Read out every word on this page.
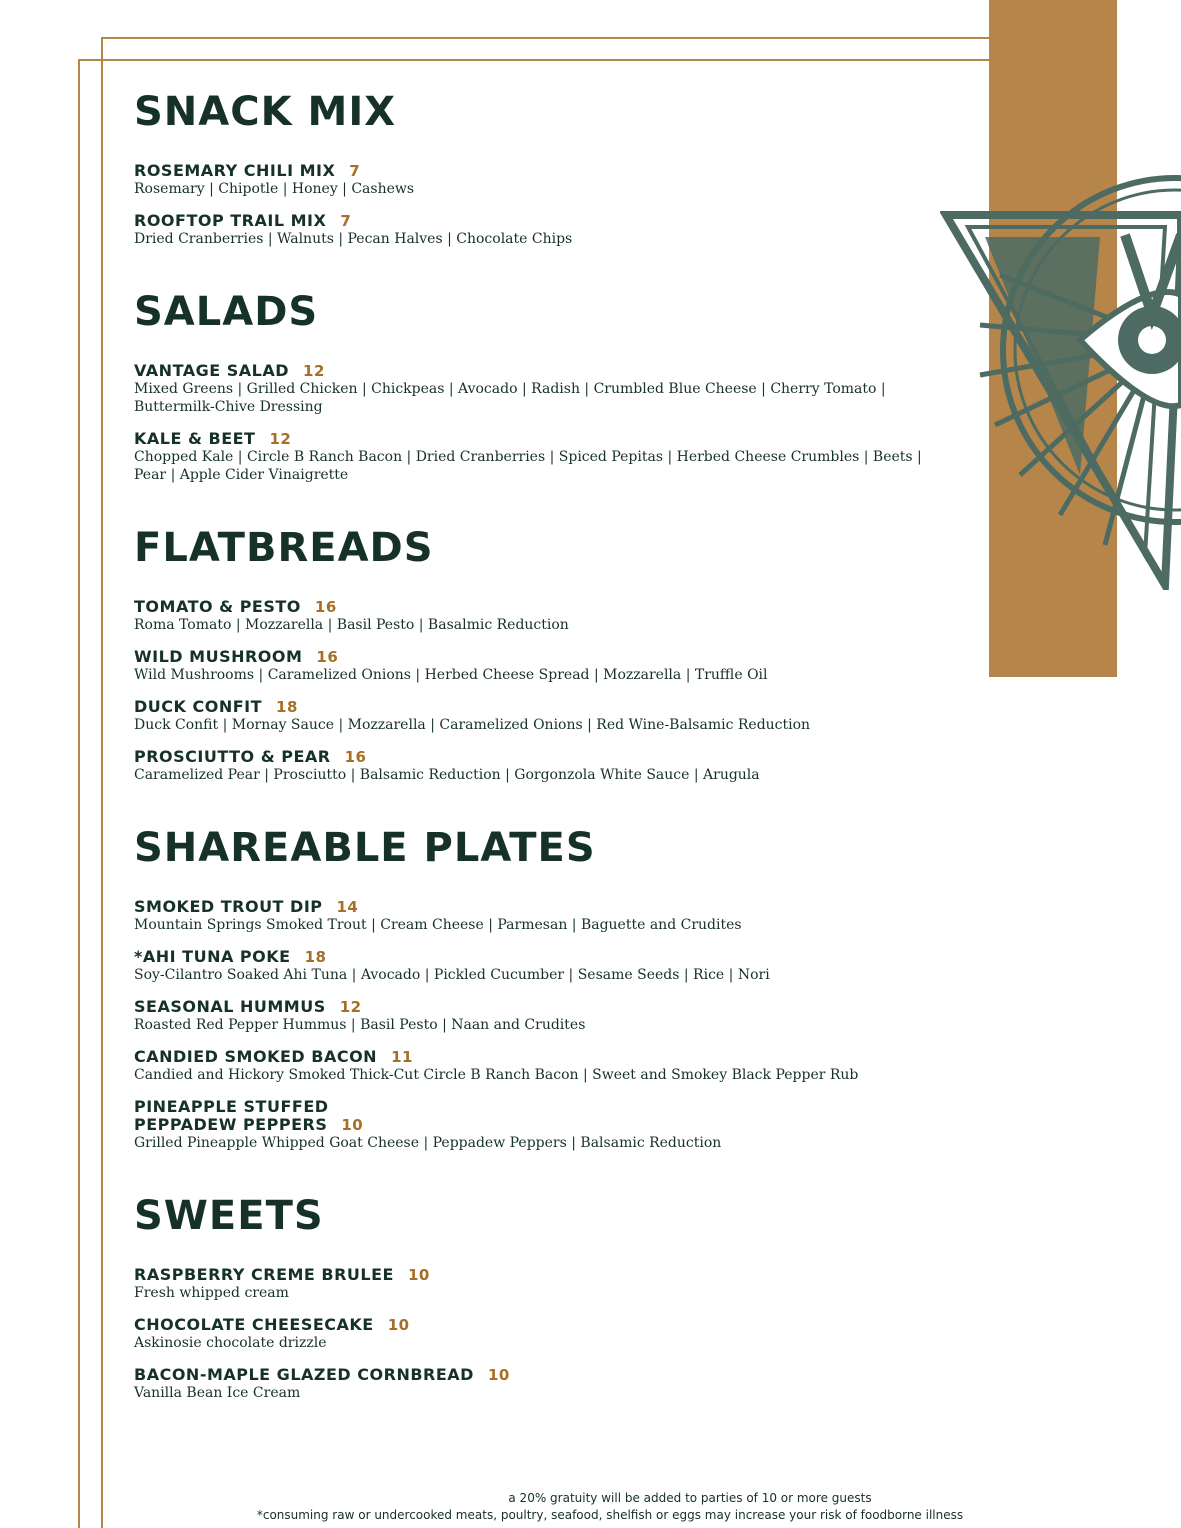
SNACK MIX
ROSEMARY CHILI MIX 7
Rosemary | Chipotle | Honey | Cashews
ROOFTOP TRAIL MIX 7
Dried Cranberries | Walnuts | Pecan Halves | Chocolate Chips
SALADS
VANTAGE SALAD 12
Mixed Greens | Grilled Chicken | Chickpeas | Avocado | Radish | Crumbled Blue Cheese | Cherry Tomato | Buttermilk-Chive Dressing
KALE & BEET 12
Chopped Kale | Circle B Ranch Bacon | Dried Cranberries | Spiced Pepitas | Herbed Cheese Crumbles | Beets | Pear | Apple Cider Vinaigrette
FLATBREADS
TOMATO & PESTO 16
Roma Tomato | Mozzarella | Basil Pesto | Basalmic Reduction
WILD MUSHROOM 16
Wild Mushrooms | Caramelized Onions | Herbed Cheese Spread | Mozzarella | Truffle Oil
DUCK CONFIT 18
Duck Confit | Mornay Sauce | Mozzarella | Caramelized Onions | Red Wine-Balsamic Reduction
PROSCIUTTO & PEAR 16
Caramelized Pear | Prosciutto | Balsamic Reduction | Gorgonzola White Sauce | Arugula
SHAREABLE PLATES
SMOKED TROUT DIP 14
Mountain Springs Smoked Trout | Cream Cheese | Parmesan | Baguette and Crudites
*AHI TUNA POKE 18
Soy-Cilantro Soaked Ahi Tuna | Avocado | Pickled Cucumber | Sesame Seeds | Rice | Nori
SEASONAL HUMMUS 12
Roasted Red Pepper Hummus | Basil Pesto | Naan and Crudites
CANDIED SMOKED BACON 11
Candied and Hickory Smoked Thick-Cut Circle B Ranch Bacon | Sweet and Smokey Black Pepper Rub
PINEAPPLE STUFFED
PEPPADEW PEPPERS 10
Grilled Pineapple Whipped Goat Cheese | Peppadew Peppers | Balsamic Reduction
SWEETS
RASPBERRY CREME BRULEE 10
Fresh whipped cream
CHOCOLATE CHEESECAKE 10
Askinosie chocolate drizzle
BACON-MAPLE GLAZED CORNBREAD 10
Vanilla Bean Ice Cream
a 20% gratuity will be added to parties of 10 or more guests
*consuming raw or undercooked meats, poultry, seafood, shelfish or eggs may increase your risk of foodborne illness
